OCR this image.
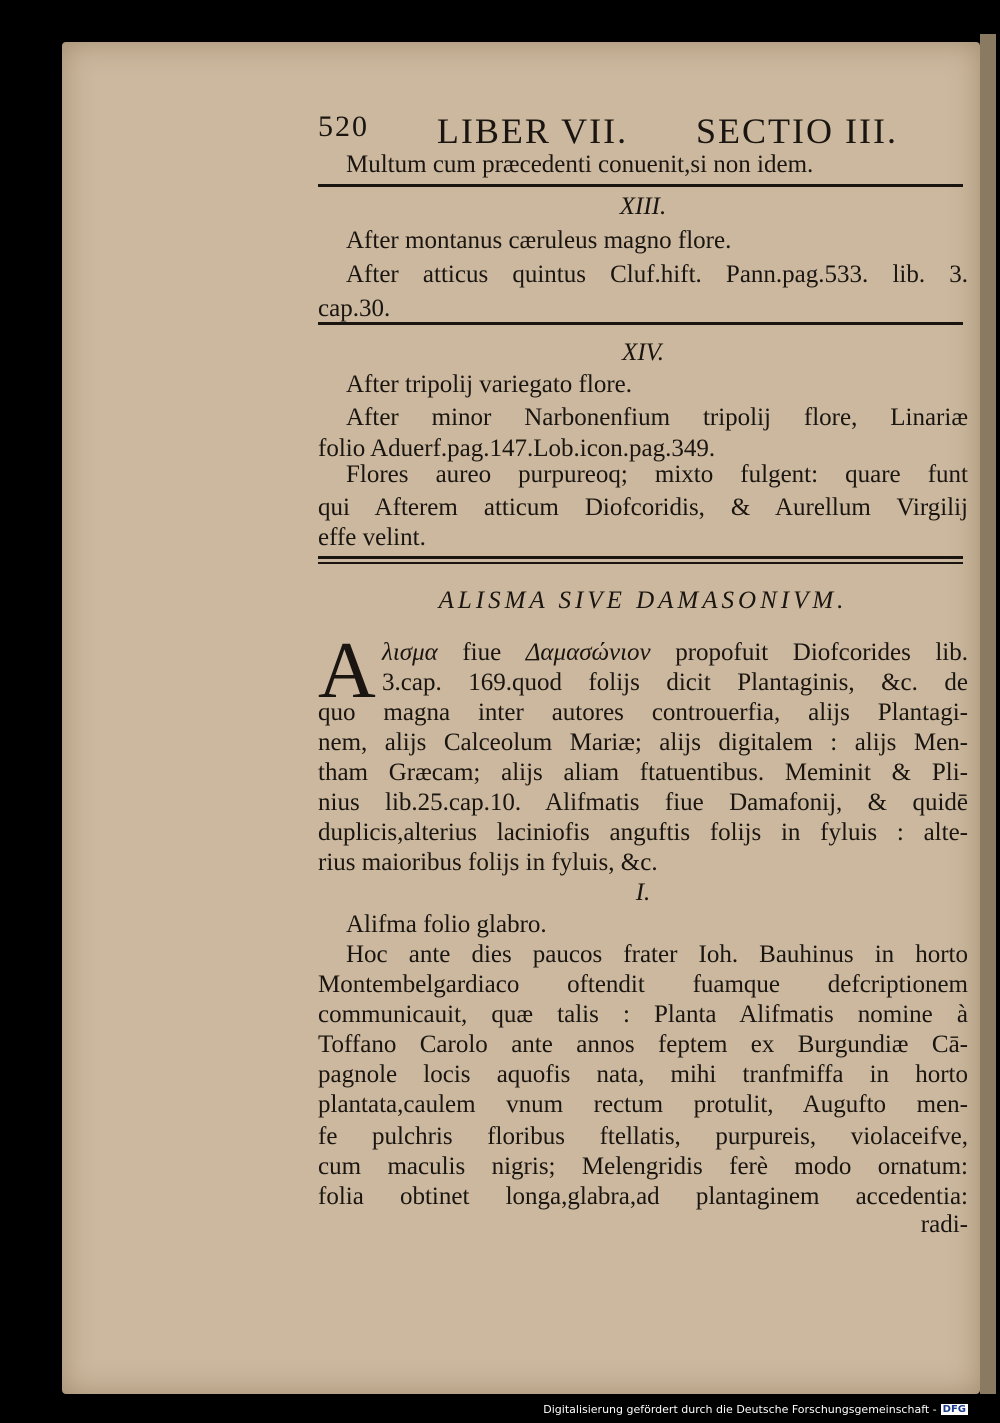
520 LIBER VII. SECTIO III.
Multum cum præcedenti conuenit,si non idem.
XIII.
After montanus cæruleus magno flore.
After atticus quintus Cluf.hift. Pann.pag.533. lib. 3.
cap.30.
XIV.
After tripolij variegato flore.
After minor Narbonenfium tripolij flore, Linariæ
folio Aduerf.pag.147.Lob.icon.pag.349.
Flores aureo purpureoq; mixto fulgent: quare funt
qui Afterem atticum Diofcoridis, & Aurellum Virgilij
effe velint.
ALISMA SIVE DAMASONIVM.
A λισμα fiue Δαμασώνιον propofuit Diofcorides lib.
3.cap. 169.quod folijs dicit Plantaginis, &c. de
quo magna inter autores controuerfia, alijs Plantagi-
nem, alijs Calceolum Mariæ; alijs digitalem : alijs Men-
tham Græcam; alijs aliam ftatuentibus. Meminit & Pli-
nius lib.25.cap.10. Alifmatis fiue Damafonij, & quidē
duplicis,alterius laciniofis anguftis folijs in fyluis : alte-
rius maioribus folijs in fyluis, &c.
I.
Alifma folio glabro.
Hoc ante dies paucos frater Ioh. Bauhinus in horto
Montembelgardiaco oftendit fuamque defcriptionem
communicauit, quæ talis : Planta Alifmatis nomine à
Toffano Carolo ante annos feptem ex Burgundiæ Cā-
pagnole locis aquofis nata, mihi tranfmiffa in horto
plantata,caulem vnum rectum protulit, Augufto men-
fe pulchris floribus ftellatis, purpureis, violaceifve,
cum maculis nigris; Melengridis ferè modo ornatum:
folia obtinet longa,glabra,ad plantaginem accedentia:
radi-
Digitalisierung gefördert durch die Deutsche Forschungsgemeinschaft - DFG
